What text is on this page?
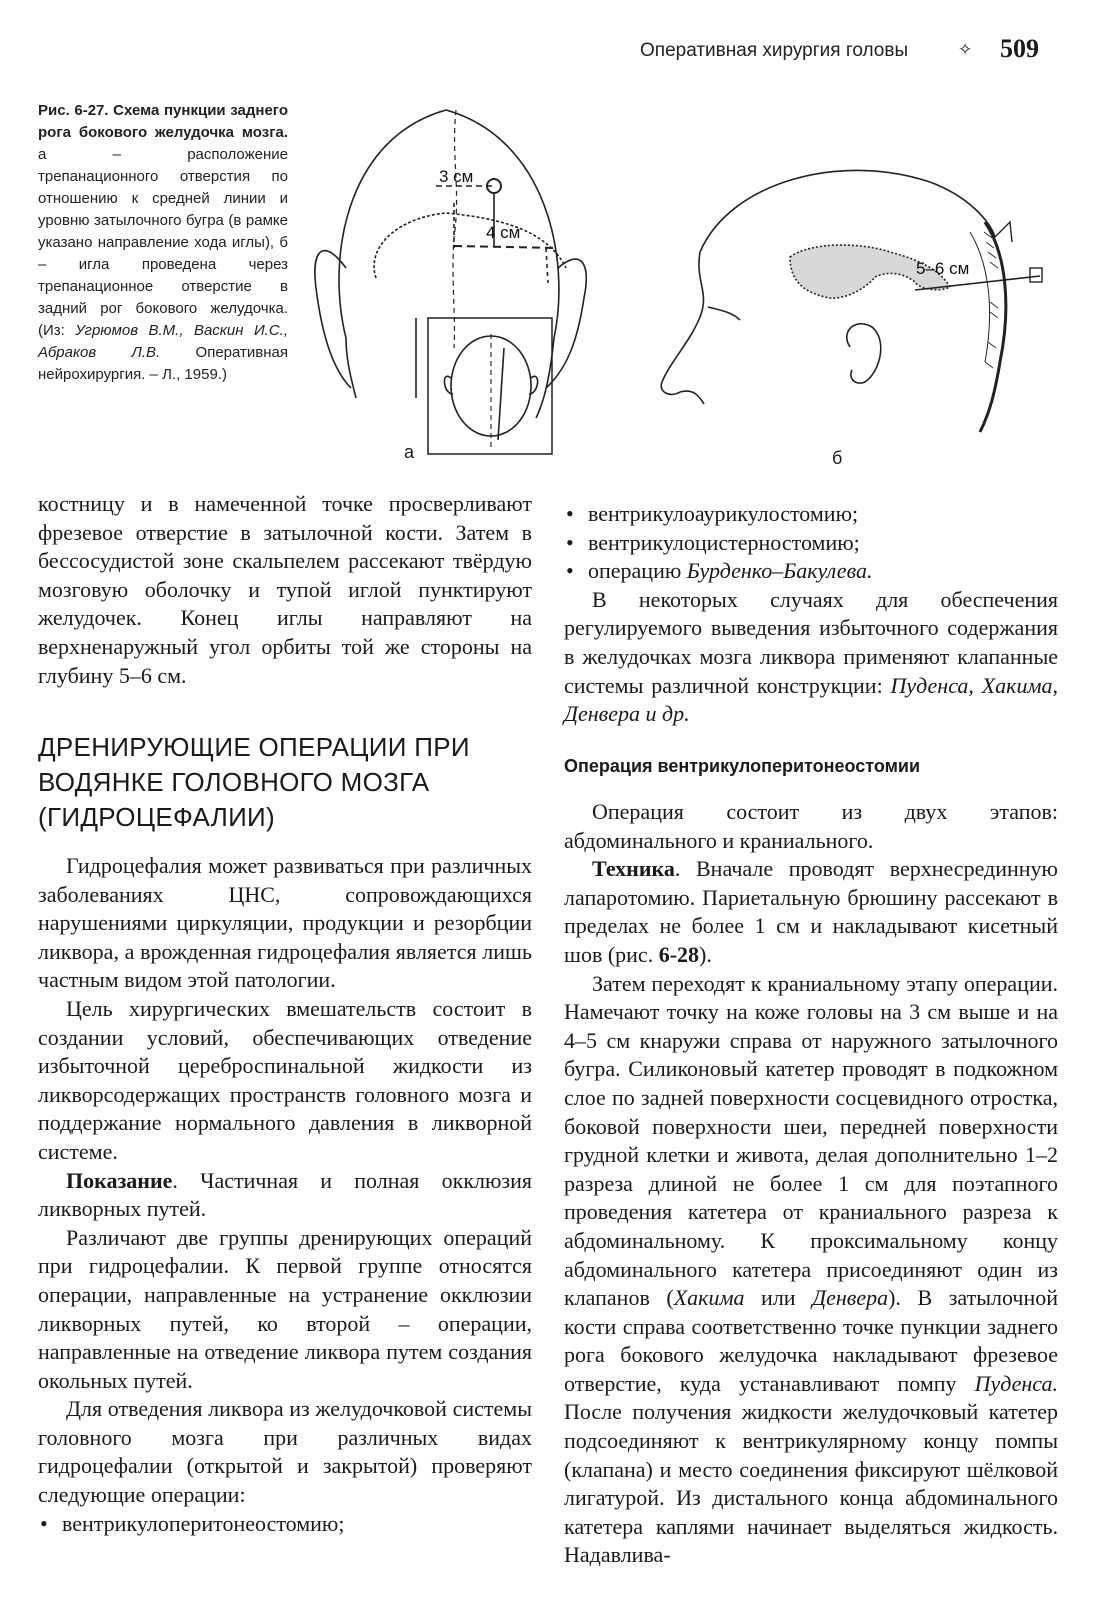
Оперативная хирургия головы	✧ 509
Рис. 6-27. Схема пункции заднего рога бокового желудочка мозга. а – расположение трепанационного отверстия по отношению к средней линии и уровню затылочного бугра (в рамке указано направление хода иглы), б – игла проведена через трепанационное отверстие в задний рог бокового желудочка. (Из: Угрюмов В.М., Васкин И.С., Абраков Л.В. Оперативная нейрохирургия. – Л., 1959.)
3 см
4 см
а
5–6 см
б

костницу и в намеченной точке просверливают фрезевое отверстие в затылочной кости. Затем в бессосудистой зоне скальпелем рассекают твёрдую мозговую оболочку и тупой иглой пунктируют желудочек. Конец иглы направляют на верхненаружный угол орбиты той же стороны на глубину 5–6 см.

ДРЕНИРУЮЩИЕ ОПЕРАЦИИ ПРИ ВОДЯНКЕ ГОЛОВНОГО МОЗГА (ГИДРОЦЕФАЛИИ)

Гидроцефалия может развиваться при различных заболеваниях ЦНС, сопровождающихся нарушениями циркуляции, продукции и резорбции ликвора, а врожденная гидроцефалия является лишь частным видом этой патологии.

Цель хирургических вмешательств состоит в создании условий, обеспечивающих отведение избыточной цереброспинальной жидкости из ликворсодержащих пространств головного мозга и поддержание нормального давления в ликворной системе.

Показание. Частичная и полная окклюзия ликворных путей.

Различают две группы дренирующих операций при гидроцефалии. К первой группе относятся операции, направленные на устранение окклюзии ликворных путей, ко второй – операции, направленные на отведение ликвора путем создания окольных путей.

Для отведения ликвора из желудочковой системы головного мозга при различных видах гидроцефалии (открытой и закрытой) проверяют следующие операции:

• вентрикулоперитонеостомию;

• вентрикулоаурикулостомию;

• вентрикулоцистерностомию;

• операцию Бурденко–Бакулева.

В некоторых случаях для обеспечения регулируемого выведения избыточного содержания в желудочках мозга ликвора применяют клапанные системы различной конструкции: Пуденса, Хакима, Денвера и др.

Операция вентрикулоперитонеостомии

Операция состоит из двух этапов: абдоминального и краниального.

Техника. Вначале проводят верхнесрединную лапаротомию. Париетальную брюшину рассекают в пределах не более 1 см и накладывают кисетный шов (рис. 6-28).

Затем переходят к краниальному этапу операции. Намечают точку на коже головы на 3 см выше и на 4–5 см кнаружи справа от наружного затылочного бугра. Силиконовый катетер проводят в подкожном слое по задней поверхности сосцевидного отростка, боковой поверхности шеи, передней поверхности грудной клетки и живота, делая дополнительно 1–2 разреза длиной не более 1 см для поэтапного проведения катетера от краниального разреза к абдоминальному. К проксимальному концу абдоминального катетера присоединяют один из клапанов (Хакима или Денвера). В затылочной кости справа соответственно точке пункции заднего рога бокового желудочка накладывают фрезевое отверстие, куда устанавливают помпу Пуденса. После получения жидкости желудочковый катетер подсоединяют к вентрикулярному концу помпы (клапана) и место соединения фиксируют шёлковой лигатурой. Из дистального конца абдоминального катетера каплями начинает выделяться жидкость. Надавлива-
